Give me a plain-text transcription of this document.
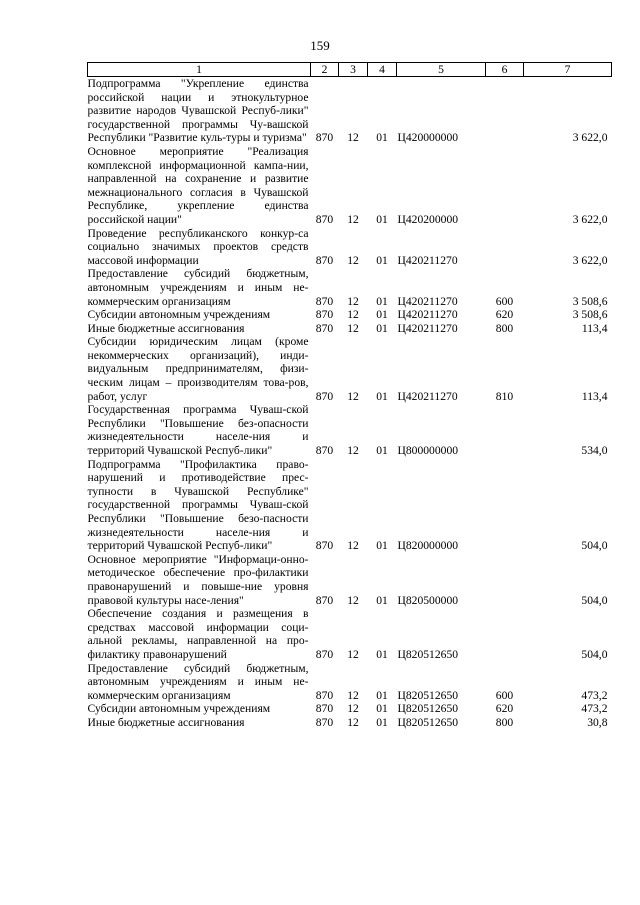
159
1	2	3	4	5	6	7
Подпрограмма "Укрепление единства российской нации и этнокультурное развитие народов Чувашской Респуб-лики" государственной программы Чу-вашской Республики "Развитие куль-туры и туризма"	870	12	01	Ц420000000		3 622,0
Основное мероприятие "Реализация комплексной информационной кампа-нии, направленной на сохранение и развитие межнационального согласия в Чувашской Республике, укрепление единства российской нации"	870	12	01	Ц420200000		3 622,0
Проведение республиканского конкур-са социально значимых проектов средств массовой информации	870	12	01	Ц420211270		3 622,0
Предоставление субсидий бюджетным, автономным учреждениям и иным не-коммерческим организациям	870	12	01	Ц420211270	600	3 508,6
Субсидии автономным учреждениям	870	12	01	Ц420211270	620	3 508,6
Иные бюджетные ассигнования	870	12	01	Ц420211270	800	113,4
Субсидии юридическим лицам (кроме некоммерческих организаций), инди-видуальным предпринимателям, физи-ческим лицам – производителям това-ров, работ, услуг	870	12	01	Ц420211270	810	113,4
Государственная программа Чуваш-ской Республики "Повышение без-опасности жизнедеятельности населе-ния и территорий Чувашской Респуб-лики"	870	12	01	Ц800000000		534,0
Подпрограмма "Профилактика право-нарушений и противодействие прес-тупности в Чувашской Республике" государственной программы Чуваш-ской Республики "Повышение безо-пасности жизнедеятельности населе-ния и территорий Чувашской Респуб-лики"	870	12	01	Ц820000000		504,0
Основное мероприятие "Информаци-онно-методическое обеспечение про-филактики правонарушений и повыше-ние уровня правовой культуры насе-ления"	870	12	01	Ц820500000		504,0
Обеспечение создания и размещения в средствах массовой информации соци-альной рекламы, направленной на про-филактику правонарушений	870	12	01	Ц820512650		504,0
Предоставление субсидий бюджетным, автономным учреждениям и иным не-коммерческим организациям	870	12	01	Ц820512650	600	473,2
Субсидии автономным учреждениям	870	12	01	Ц820512650	620	473,2
Иные бюджетные ассигнования	870	12	01	Ц820512650	800	30,8
